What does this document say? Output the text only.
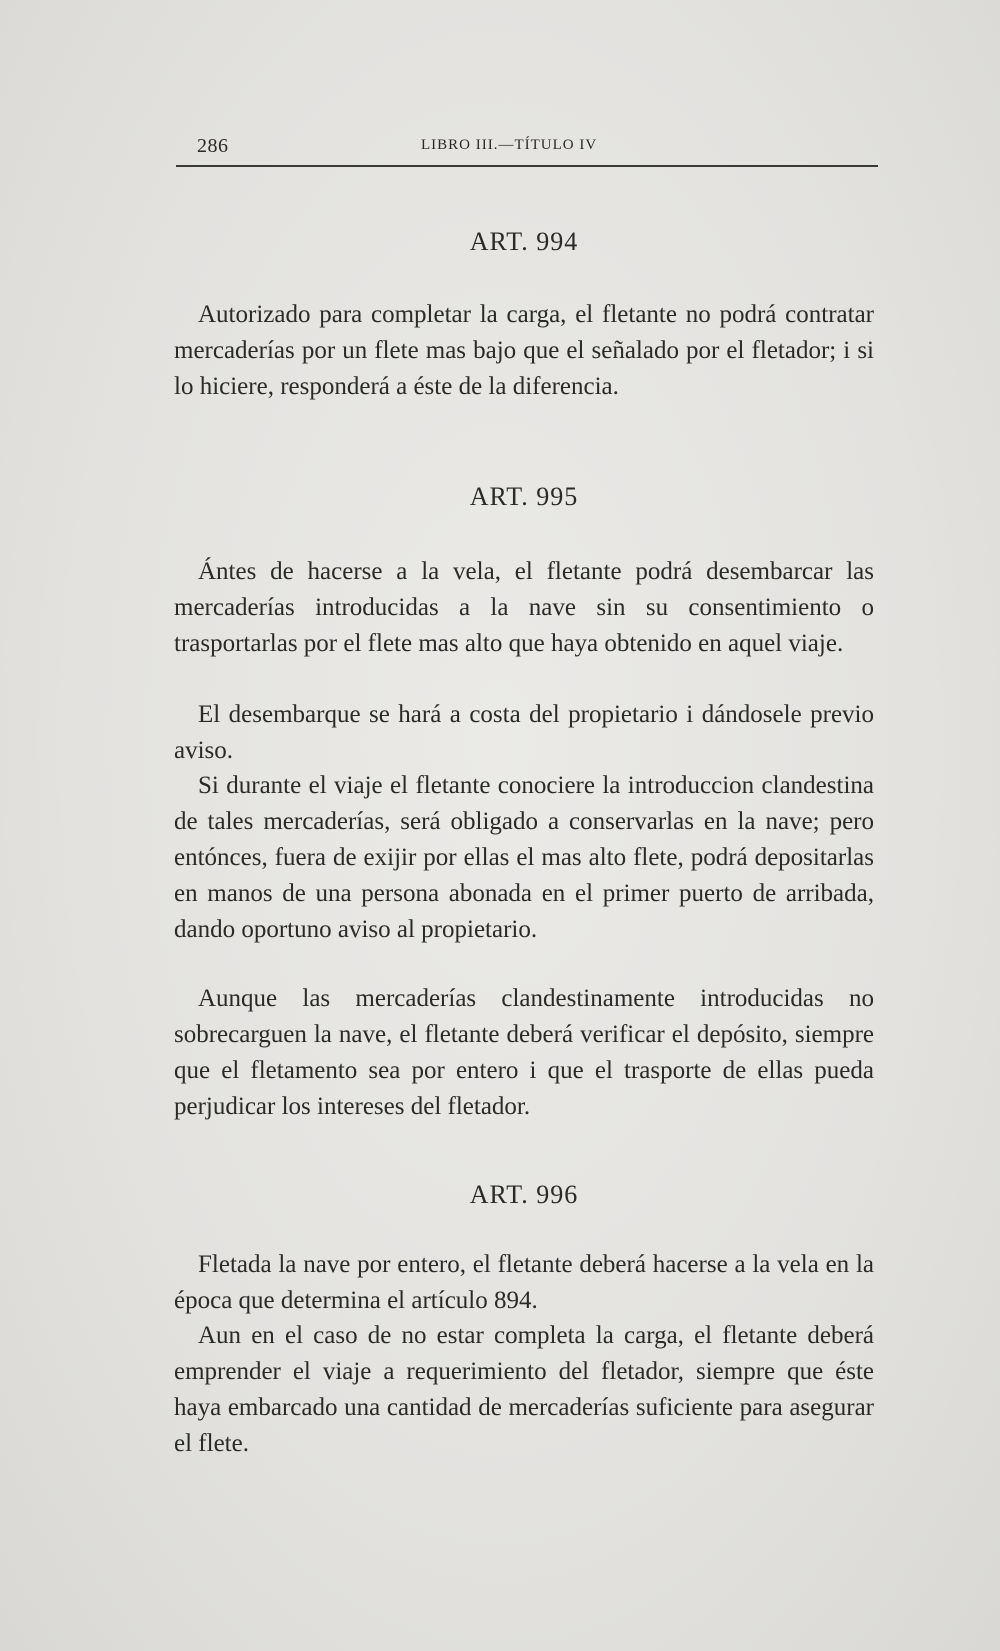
286	LIBRO III.—TÍTULO IV
ART. 994
Autorizado para completar la carga, el fletante no podrá contratar mercaderías por un flete mas bajo que el señalado por el fletador; i si lo hiciere, responderá a éste de la diferencia.
ART. 995
Ántes de hacerse a la vela, el fletante podrá desembarcar las mercaderías introducidas a la nave sin su consentimiento o trasportarlas por el flete mas alto que haya obtenido en aquel viaje.
El desembarque se hará a costa del propietario i dándosele previo aviso.
Si durante el viaje el fletante conociere la introduccion clandestina de tales mercaderías, será obligado a conservarlas en la nave; pero entónces, fuera de exijir por ellas el mas alto flete, podrá depositarlas en manos de una persona abonada en el primer puerto de arribada, dando oportuno aviso al propietario.
Aunque las mercaderías clandestinamente introducidas no sobrecarguen la nave, el fletante deberá verificar el depósito, siempre que el fletamento sea por entero i que el trasporte de ellas pueda perjudicar los intereses del fletador.
ART. 996
Fletada la nave por entero, el fletante deberá hacerse a la vela en la época que determina el artículo 894.
Aun en el caso de no estar completa la carga, el fletante deberá emprender el viaje a requerimiento del fletador, siempre que éste haya embarcado una cantidad de mercaderías suficiente para asegurar el flete.
